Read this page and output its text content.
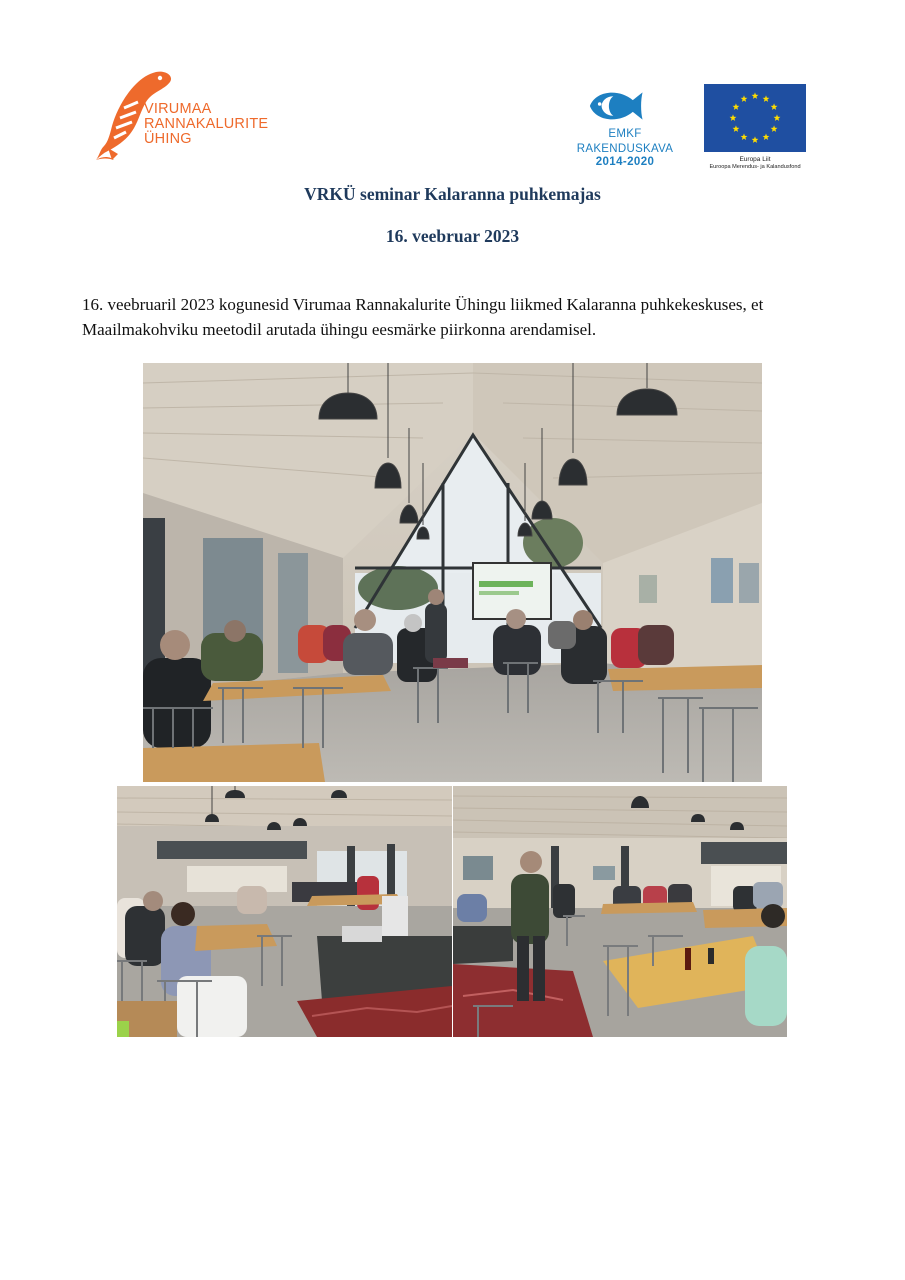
VIRUMAA
RANNAKALURITE
ÜHING	EMKF
RAKENDUSKAVA
2014-2020	Europa Liit
Euroopa Merendus- ja Kalandusfond
VRKÜ seminar Kalaranna puhkemajas
16. veebruar 2023
16. veebruaril 2023 kogunesid Virumaa Rannakalurite Ühingu liikmed Kalaranna puhkekeskuses, et Maailmakohviku meetodil arutada ühingu eesmärke piirkonna arendamisel.
